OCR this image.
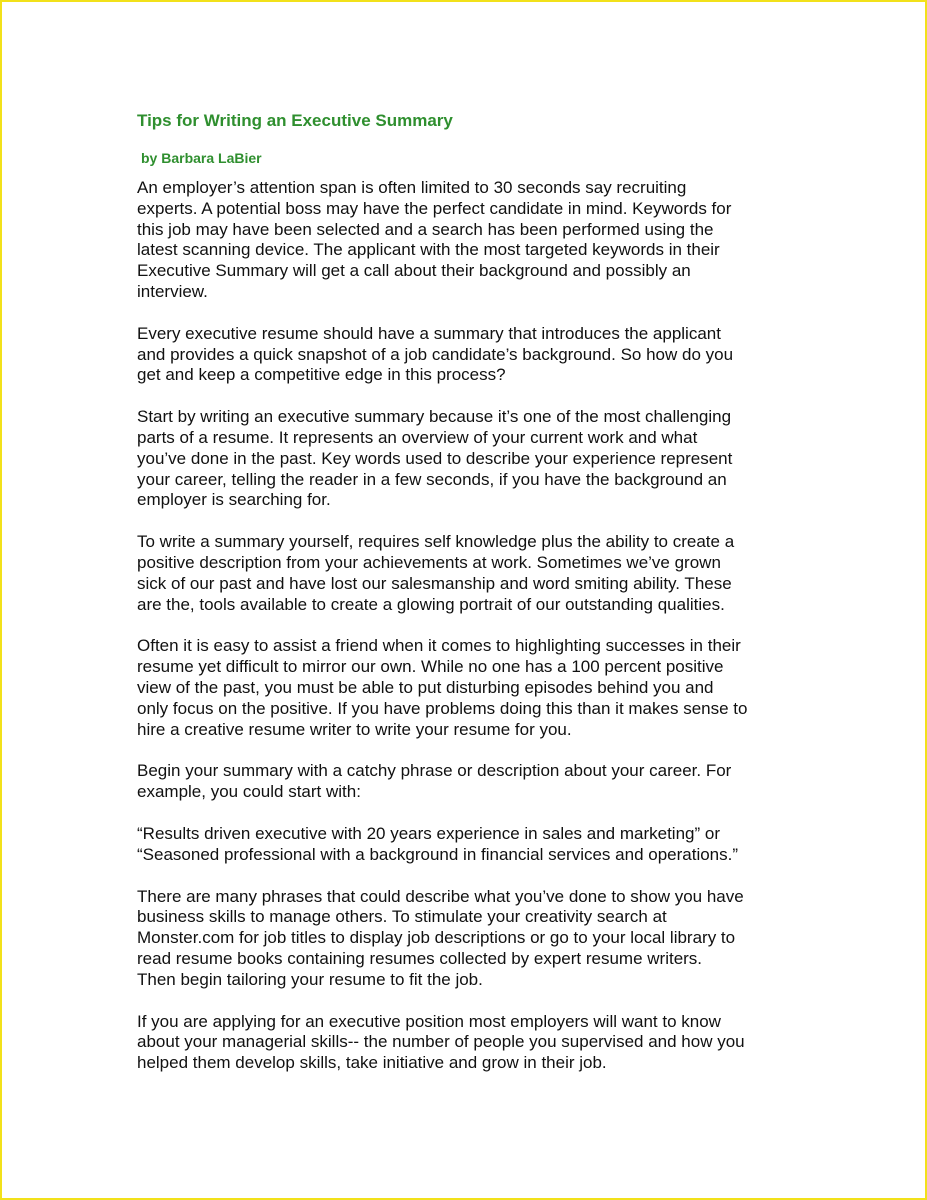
Tips for Writing an Executive Summary
by Barbara LaBier

An employer’s attention span is often limited to 30 seconds say recruiting
experts. A potential boss may have the perfect candidate in mind. Keywords for
this job may have been selected and a search has been performed using the
latest scanning device. The applicant with the most targeted keywords in their
Executive Summary will get a call about their background and possibly an
interview.

Every executive resume should have a summary that introduces the applicant
and provides a quick snapshot of a job candidate’s background. So how do you
get and keep a competitive edge in this process?

Start by writing an executive summary because it’s one of the most challenging
parts of a resume. It represents an overview of your current work and what
you’ve done in the past. Key words used to describe your experience represent
your career, telling the reader in a few seconds, if you have the background an
employer is searching for.

To write a summary yourself, requires self knowledge plus the ability to create a
positive description from your achievements at work. Sometimes we’ve grown
sick of our past and have lost our salesmanship and word smiting ability. These
are the, tools available to create a glowing portrait of our outstanding qualities.

Often it is easy to assist a friend when it comes to highlighting successes in their
resume yet difficult to mirror our own. While no one has a 100 percent positive
view of the past, you must be able to put disturbing episodes behind you and
only focus on the positive. If you have problems doing this than it makes sense to
hire a creative resume writer to write your resume for you.

Begin your summary with a catchy phrase or description about your career. For
example, you could start with:

“Results driven executive with 20 years experience in sales and marketing” or
“Seasoned professional with a background in financial services and operations.”

There are many phrases that could describe what you’ve done to show you have
business skills to manage others. To stimulate your creativity search at
Monster.com for job titles to display job descriptions or go to your local library to
read resume books containing resumes collected by expert resume writers.
Then begin tailoring your resume to fit the job.

If you are applying for an executive position most employers will want to know
about your managerial skills-- the number of people you supervised and how you
helped them develop skills, take initiative and grow in their job.
